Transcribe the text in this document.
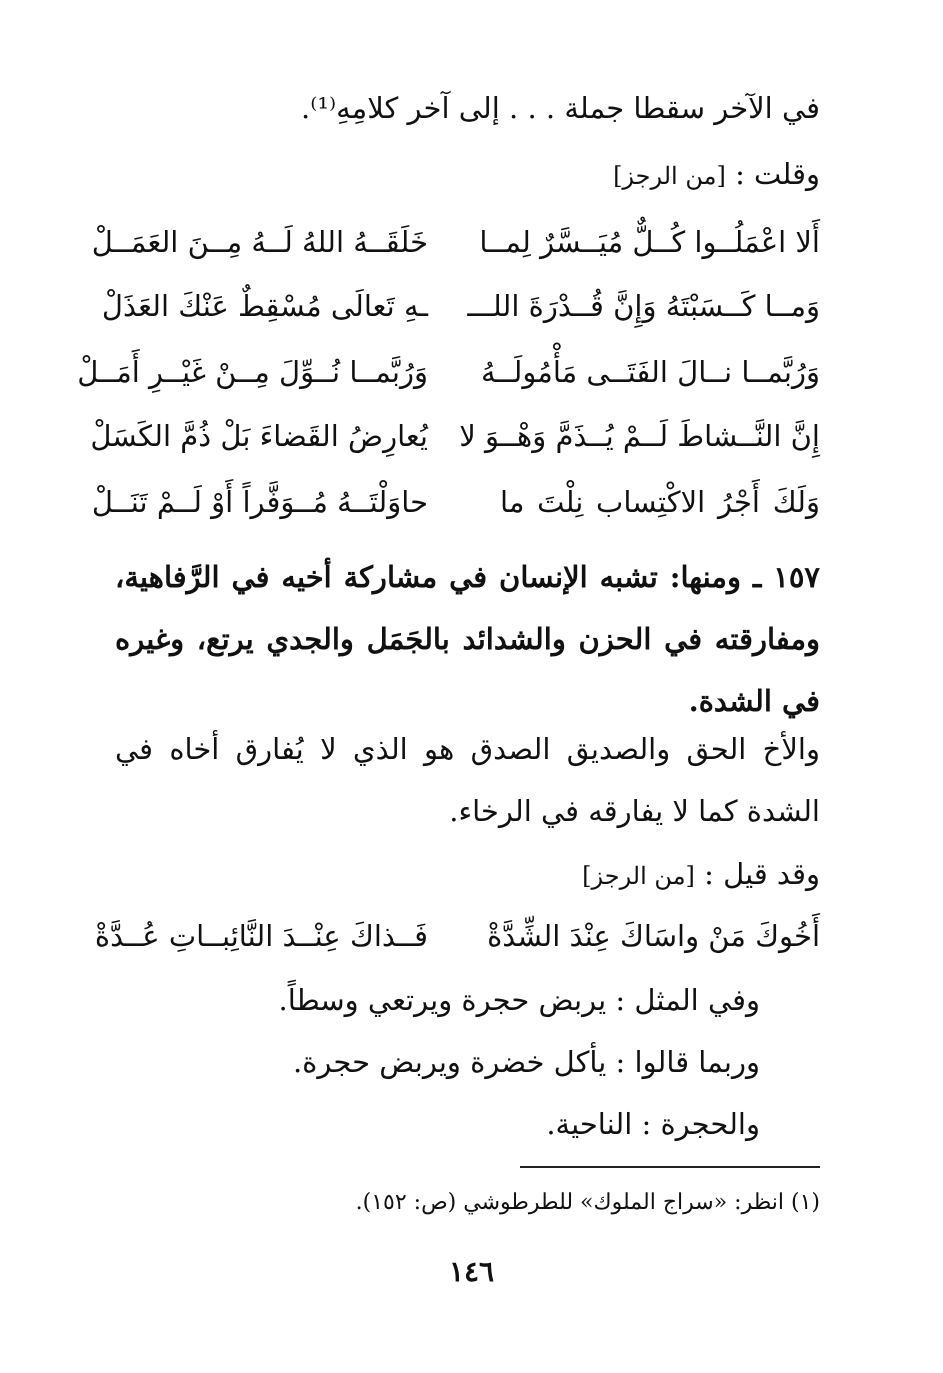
في الآخر سقطا جملة . . . إلى آخر كلامِهِ⁽¹⁾.
وقلت : [من الرجز]
أَلا اعْمَلُــوا كُــلٌّ مُيَــسَّرٌ لِمــا
خَلَقَــهُ اللهُ لَــهُ مِــنَ العَمَــلْ
وَمــا كَــسَبْتَهُ وَإِنَّ قُــدْرَةَ اللـــ
ـهِ تَعالَى مُسْقِطٌ عَنْكَ العَذَلْ
وَرُبَّمــا نــالَ الفَتَــى مَأْمُولَــهُ
وَرُبَّمــا نُــوِّلَ مِــنْ غَيْــرِ أَمَــلْ
إِنَّ النَّــشاطَ لَــمْ يُــذَمَّ وَهْــوَ لا
يُعارِضُ القَضاءَ بَلْ ذُمَّ الكَسَلْ
وَلَكَ أَجْرُ الاكْتِساب نِلْتَ ما
حاوَلْتَــهُ مُــوَفَّراً أَوْ لَــمْ تَنَــلْ
١٥٧ ـ ومنها: تشبه الإنسان في مشاركة أخيه في الرَّفاهية، ومفارقته في الحزن والشدائد بالجَمَل والجدي يرتع، وغيره في الشدة.
والأخ الحق والصديق الصدق هو الذي لا يُفارق أخاه في الشدة كما لا يفارقه في الرخاء.
وقد قيل : [من الرجز]
أَخُوكَ مَنْ واسَاكَ عِنْدَ الشِّدَّةْ
فَــذاكَ عِنْــدَ النَّائِبــاتِ عُــدَّةْ
وفي المثل : يربض حجرة ويرتعي وسطاً.
وربما قالوا : يأكل خضرة ويربض حجرة.
والحجرة : الناحية.
(١) انظر: «سراج الملوك» للطرطوشي (ص: ١٥٢).
١٤٦
